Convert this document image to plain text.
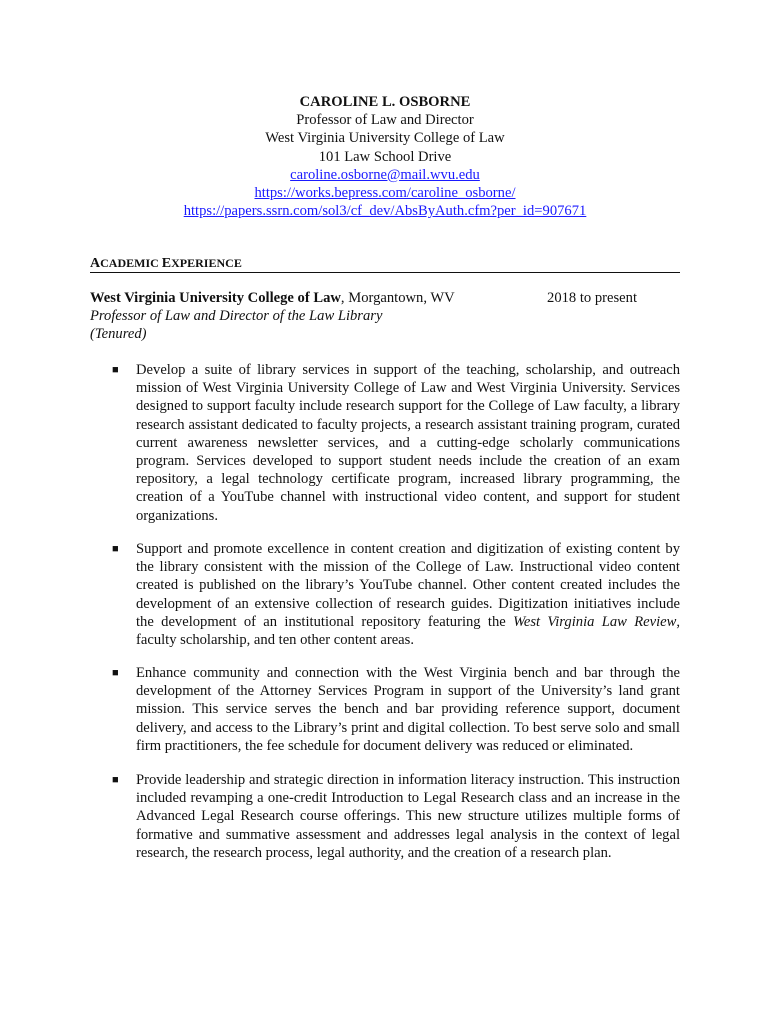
CAROLINE L. OSBORNE
Professor of Law and Director
West Virginia University College of Law
101 Law School Drive
caroline.osborne@mail.wvu.edu
https://works.bepress.com/caroline_osborne/
https://papers.ssrn.com/sol3/cf_dev/AbsByAuth.cfm?per_id=907671
ACADEMIC EXPERIENCE
West Virginia University College of Law, Morgantown, WV	2018 to present
Professor of Law and Director of the Law Library
(Tenured)
■ Develop a suite of library services in support of the teaching, scholarship, and outreach mission of West Virginia University College of Law and West Virginia University. Services designed to support faculty include research support for the College of Law faculty, a library research assistant dedicated to faculty projects, a research assistant training program, curated current awareness newsletter services, and a cutting-edge scholarly communications program. Services developed to support student needs include the creation of an exam repository, a legal technology certificate program, increased library programming, the creation of a YouTube channel with instructional video content, and support for student organizations.
■ Support and promote excellence in content creation and digitization of existing content by the library consistent with the mission of the College of Law. Instructional video content created is published on the library’s YouTube channel. Other content created includes the development of an extensive collection of research guides. Digitization initiatives include the development of an institutional repository featuring the West Virginia Law Review, faculty scholarship, and ten other content areas.
■ Enhance community and connection with the West Virginia bench and bar through the development of the Attorney Services Program in support of the University’s land grant mission. This service serves the bench and bar providing reference support, document delivery, and access to the Library’s print and digital collection. To best serve solo and small firm practitioners, the fee schedule for document delivery was reduced or eliminated.
■ Provide leadership and strategic direction in information literacy instruction. This instruction included revamping a one-credit Introduction to Legal Research class and an increase in the Advanced Legal Research course offerings. This new structure utilizes multiple forms of formative and summative assessment and addresses legal analysis in the context of legal research, the research process, legal authority, and the creation of a research plan.
